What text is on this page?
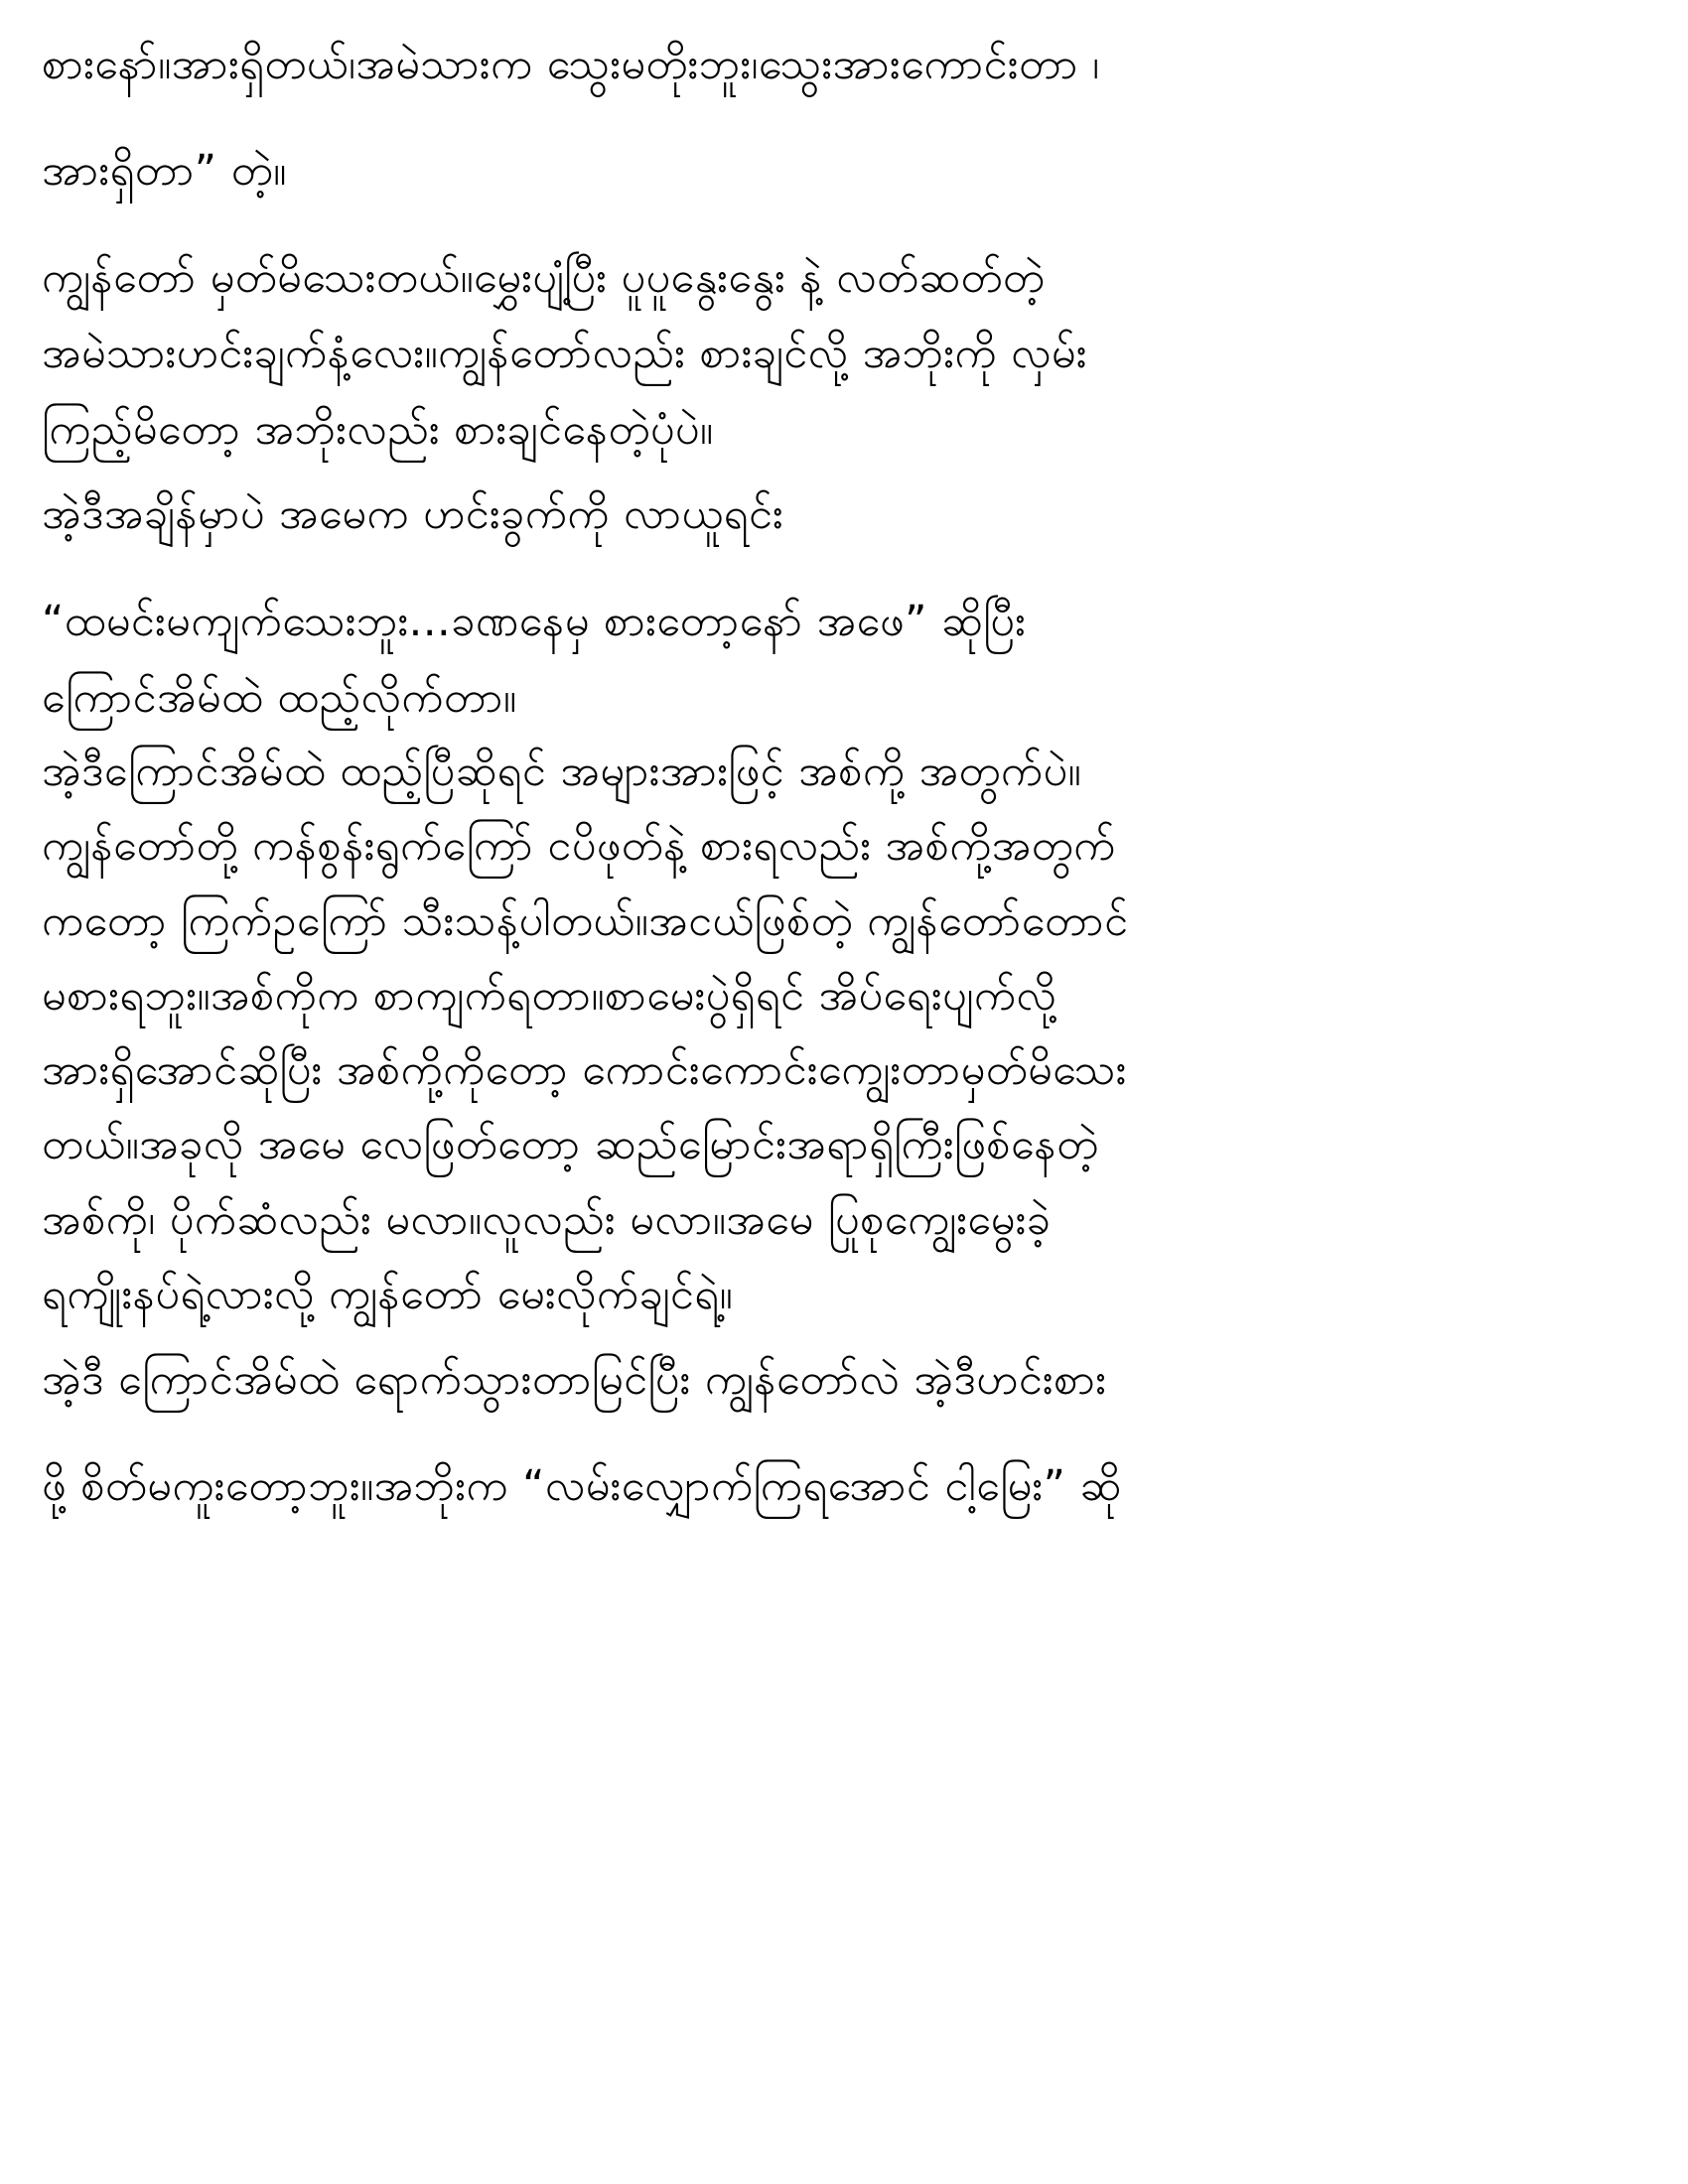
စားနော်။အားရှိတယ်၊အမဲသားက သွေးမတိုးဘူး၊သွေးအားကောင်းတာ ၊
အားရှိတာ” တဲ့။
ကျွန်တော် မှတ်မိသေးတယ်။မွှေးပျံ့ပြီး ပူပူနွေးနွေး နဲ့ လတ်ဆတ်တဲ့
အမဲသားဟင်းချက်နံ့လေး။ကျွန်တော်လည်း စားချင်လို့ အဘိုးကို လှမ်း
ကြည့်မိတော့ အဘိုးလည်း စားချင်နေတဲ့ပုံပဲ။
အဲ့ဒီအချိန်မှာပဲ အမေက ဟင်းခွက်ကို လာယူရင်း
“ထမင်းမကျက်သေးဘူး...ခဏနေမှ စားတော့နော် အဖေ” ဆိုပြီး
ကြောင်အိမ်ထဲ ထည့်လိုက်တာ။
အဲ့ဒီကြောင်အိမ်ထဲ ထည့်ပြီဆိုရင် အများအားဖြင့် အစ်ကို့ အတွက်ပဲ။
ကျွန်တော်တို့ ကန်စွန်းရွက်ကြော် ငပိဖုတ်နဲ့ စားရလည်း အစ်ကို့အတွက်
ကတော့ ကြက်ဥကြော် သီးသန့်ပါတယ်။အငယ်ဖြစ်တဲ့ ကျွန်တော်တောင်
မစားရဘူး။အစ်ကိုက စာကျက်ရတာ။စာမေးပွဲရှိရင် အိပ်ရေးပျက်လို့
အားရှိအောင်ဆိုပြီး အစ်ကို့ကိုတော့ ကောင်းကောင်းကျွေးတာမှတ်မိသေး
တယ်။အခုလို အမေ လေဖြတ်တော့ ဆည်မြောင်းအရာရှိကြီးဖြစ်နေတဲ့
အစ်ကို၊ ပိုက်ဆံလည်း မလာ။လူလည်း မလာ။အမေ ပြုစုကျွေးမွေးခဲ့
ရကျိုးနပ်ရဲ့လားလို့ ကျွန်တော် မေးလိုက်ချင်ရဲ့။
အဲ့ဒီ ကြောင်အိမ်ထဲ ရောက်သွားတာမြင်ပြီး ကျွန်တော်လဲ အဲ့ဒီဟင်းစား
ဖို့ စိတ်မကူးတော့ဘူး။အဘိုးက “လမ်းလျှောက်ကြရအောင် ငါ့မြေး” ဆို
